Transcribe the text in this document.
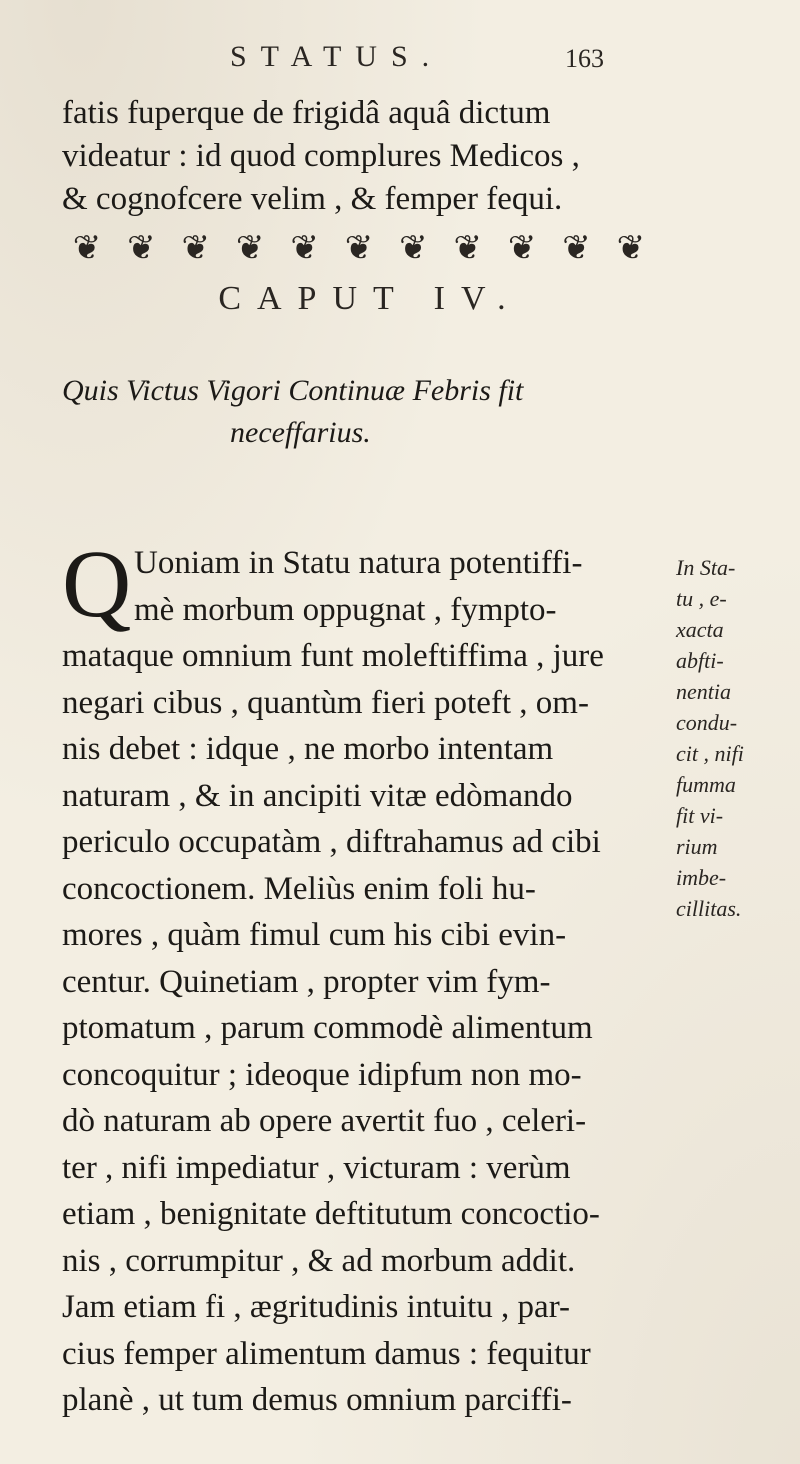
STATUS.	163

fatis fuperque de frigidâ aquâ dictum

videatur : id quod complures Medicos ,

& cognofcere velim , & femper fequi.

❦ ❦ ❦ ❦ ❦ ❦ ❦ ❦ ❦ ❦ ❦
CAPUT IV.
Quis Victus Vigori Continuæ Febris fit
neceffarius.
Q Uoniam in Statu natura potentiffi-

mè morbum oppugnat , fympto-

mataque omnium funt moleftiffima , jure

negari cibus , quantùm fieri poteft , om-

nis debet : idque , ne morbo intentam

naturam , & in ancipiti vitæ edòmando

periculo occupatàm , diftrahamus ad cibi

concoctionem. Meliùs enim foli hu-

mores , quàm fimul cum his cibi evin-

centur. Quinetiam , propter vim fym-

ptomatum , parum commodè alimentum

concoquitur ; ideoque idipfum non mo-

dò naturam ab opere avertit fuo , celeri-

ter , nifi impediatur , victuram : verùm

etiam , benignitate deftitutum concoctio-

nis , corrumpitur , & ad morbum addit.

Jam etiam fi , ægritudinis intuitu , par-

cius femper alimentum damus : fequitur

planè , ut tum demus omnium parciffi-

In Sta-

tu , e-

xacta

abfti-

nentia

condu-

cit , nifi

fumma

fit vi-

rium

imbe-

cillitas.
